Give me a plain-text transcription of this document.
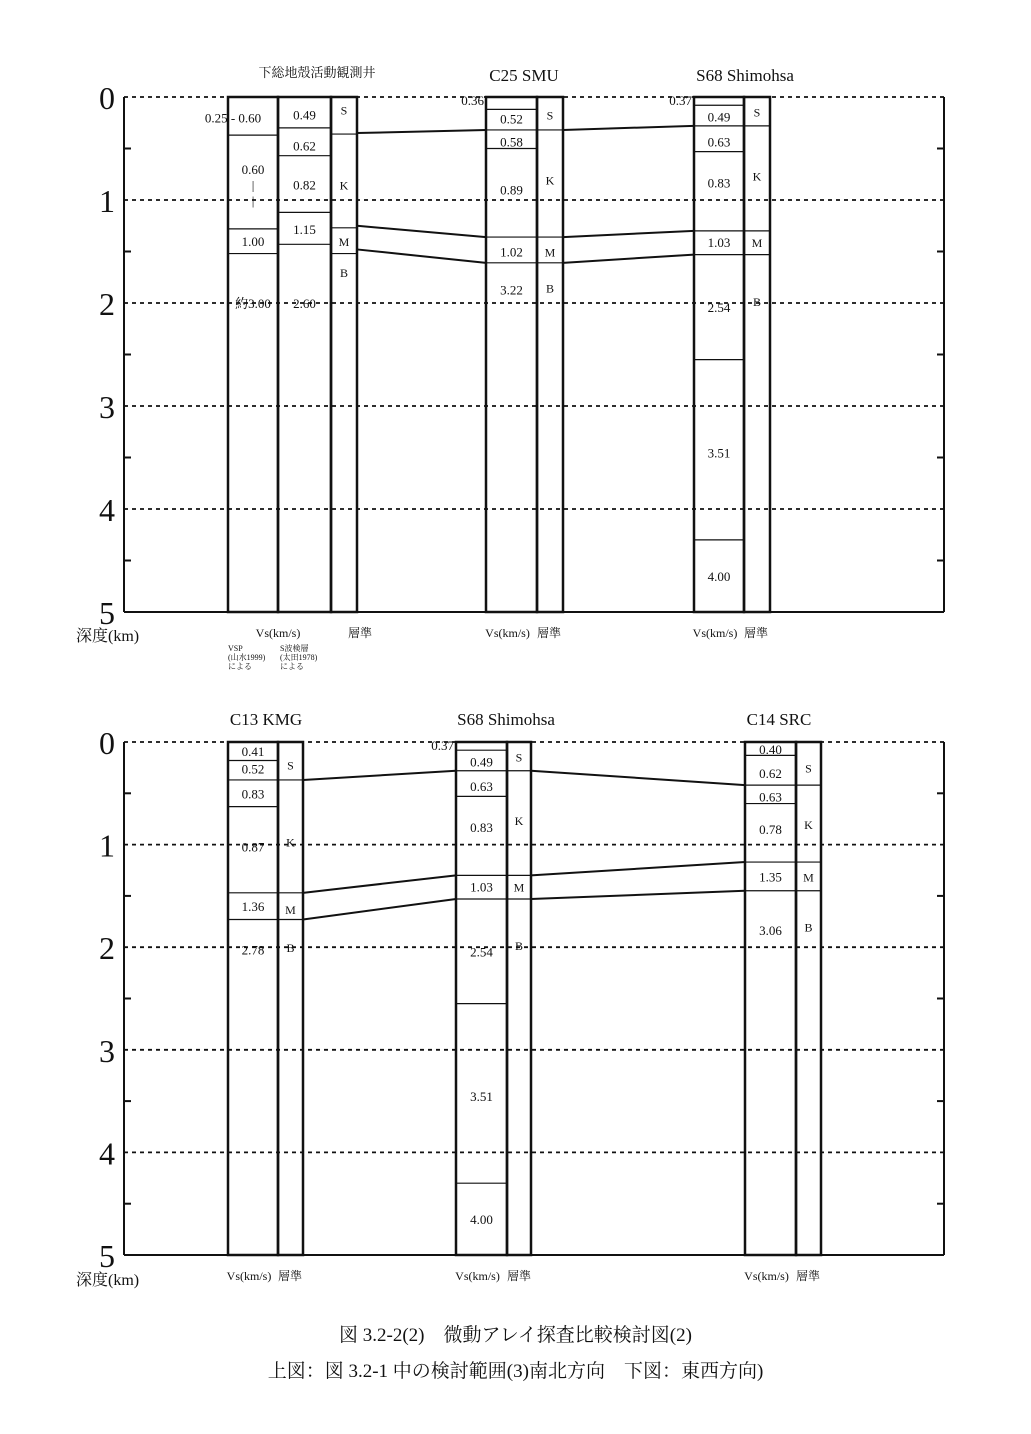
0
1
2
3
4
5
深度(km)
下総地殻活動観測井
0.25 - 0.60
0.60
|
|
1.00
約3.00
0.49
0.62
0.82
1.15
2.60
S
K
M
B
Vs(km/s)	層準
VSP
(山水1999)
による
S波検層
(太田1978)
による
C25 SMU
0.36
0.52
0.58
0.89
1.02
3.22
S
K
M
B
Vs(km/s) 層準
S68 Shimohsa
0.37
0.49
0.63
0.83
1.03
2.54
3.51
4.00
S
K
M
B
Vs(km/s) 層準
0
1
2
3
4
5
深度(km)
C13 KMG
0.41
0.52
0.83
0.87
1.36
2.78
S
K
M
B
Vs(km/s) 層準
S68 Shimohsa
0.37
0.49
0.63
0.83
1.03
2.54
3.51
4.00
S
K
M
B
Vs(km/s) 層準
C14 SRC
0.40
0.62
0.63
0.78
1.35
3.06
S
K
M
B
Vs(km/s) 層準
図 3.2-2(2)　微動アレイ探査比較検討図(2)
上図：図 3.2-1 中の検討範囲(3)南北方向　下図：東西方向)
